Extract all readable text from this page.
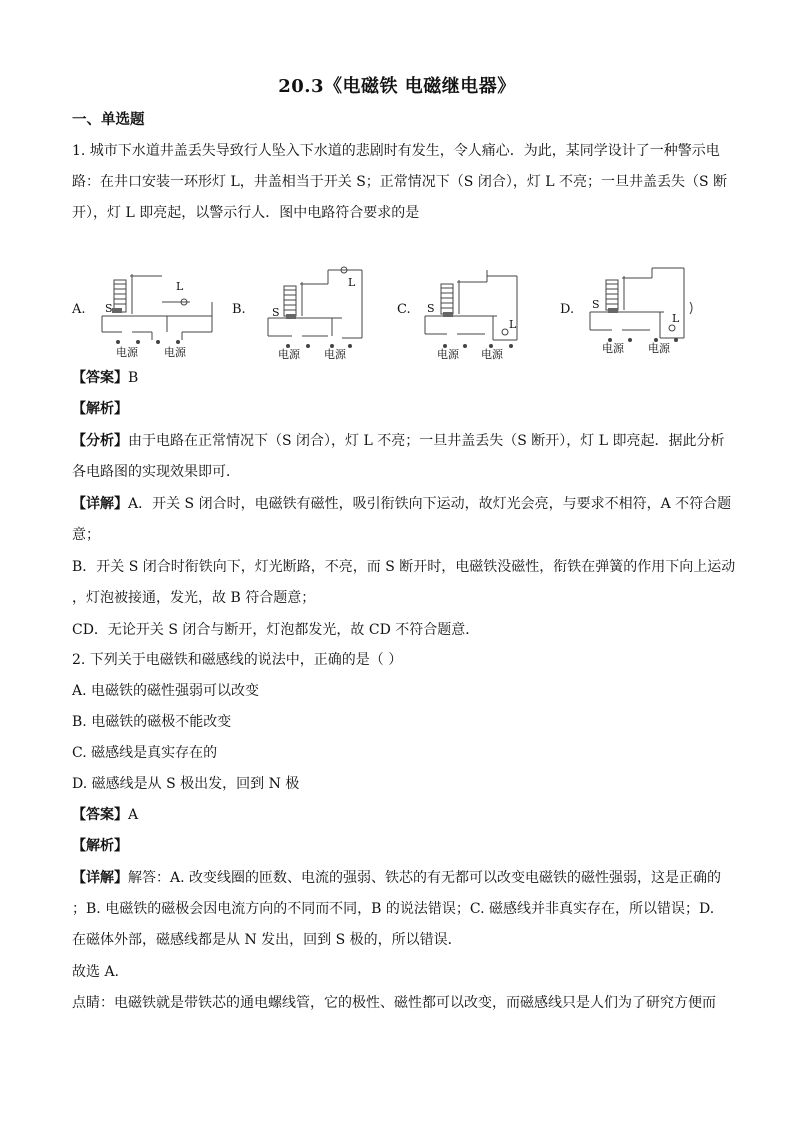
20.3《电磁铁 电磁继电器》
一、单选题
1. 城市下水道井盖丢失导致行人坠入下水道的悲剧时有发生，令人痛心．为此，某同学设计了一种警示电
路：在井口安装一环形灯 L，井盖相当于开关 S；正常情况下（S 闭合），灯 L 不亮；一旦井盖丢失（S 断
开），灯 L 即亮起，以警示行人．图中电路符合要求的是
A.
L
S
电源 电源
B.
L
S
电源 电源
C.
L
S
电源 电源
D.
L
S
电源 电源
【答案】B
【解析】
【分析】由于电路在正常情况下（S 闭合），灯 L 不亮；一旦井盖丢失（S 断开），灯 L 即亮起．据此分析
各电路图的实现效果即可．
【详解】A．开关 S 闭合时，电磁铁有磁性，吸引衔铁向下运动，故灯光会亮，与要求不相符，A 不符合题
意；
B．开关 S 闭合时衔铁向下，灯光断路，不亮，而 S 断开时，电磁铁没磁性，衔铁在弹簧的作用下向上运动
，灯泡被接通，发光，故 B 符合题意；
CD．无论开关 S 闭合与断开，灯泡都发光，故 CD 不符合题意．
2. 下列关于电磁铁和磁感线的说法中，正确的是（ ）
A. 电磁铁的磁性强弱可以改变
B. 电磁铁的磁极不能改变
C. 磁感线是真实存在的
D. 磁感线是从 S 极出发，回到 N 极
【答案】A
【解析】
【详解】解答：A. 改变线圈的匝数、电流的强弱、铁芯的有无都可以改变电磁铁的磁性强弱，这是正确的
；B. 电磁铁的磁极会因电流方向的不同而不同，B 的说法错误；C. 磁感线并非真实存在，所以错误；D.
在磁体外部，磁感线都是从 N 发出，回到 S 极的，所以错误．
故选 A.
点睛：电磁铁就是带铁芯的通电螺线管，它的极性、磁性都可以改变，而磁感线只是人们为了研究方便而
